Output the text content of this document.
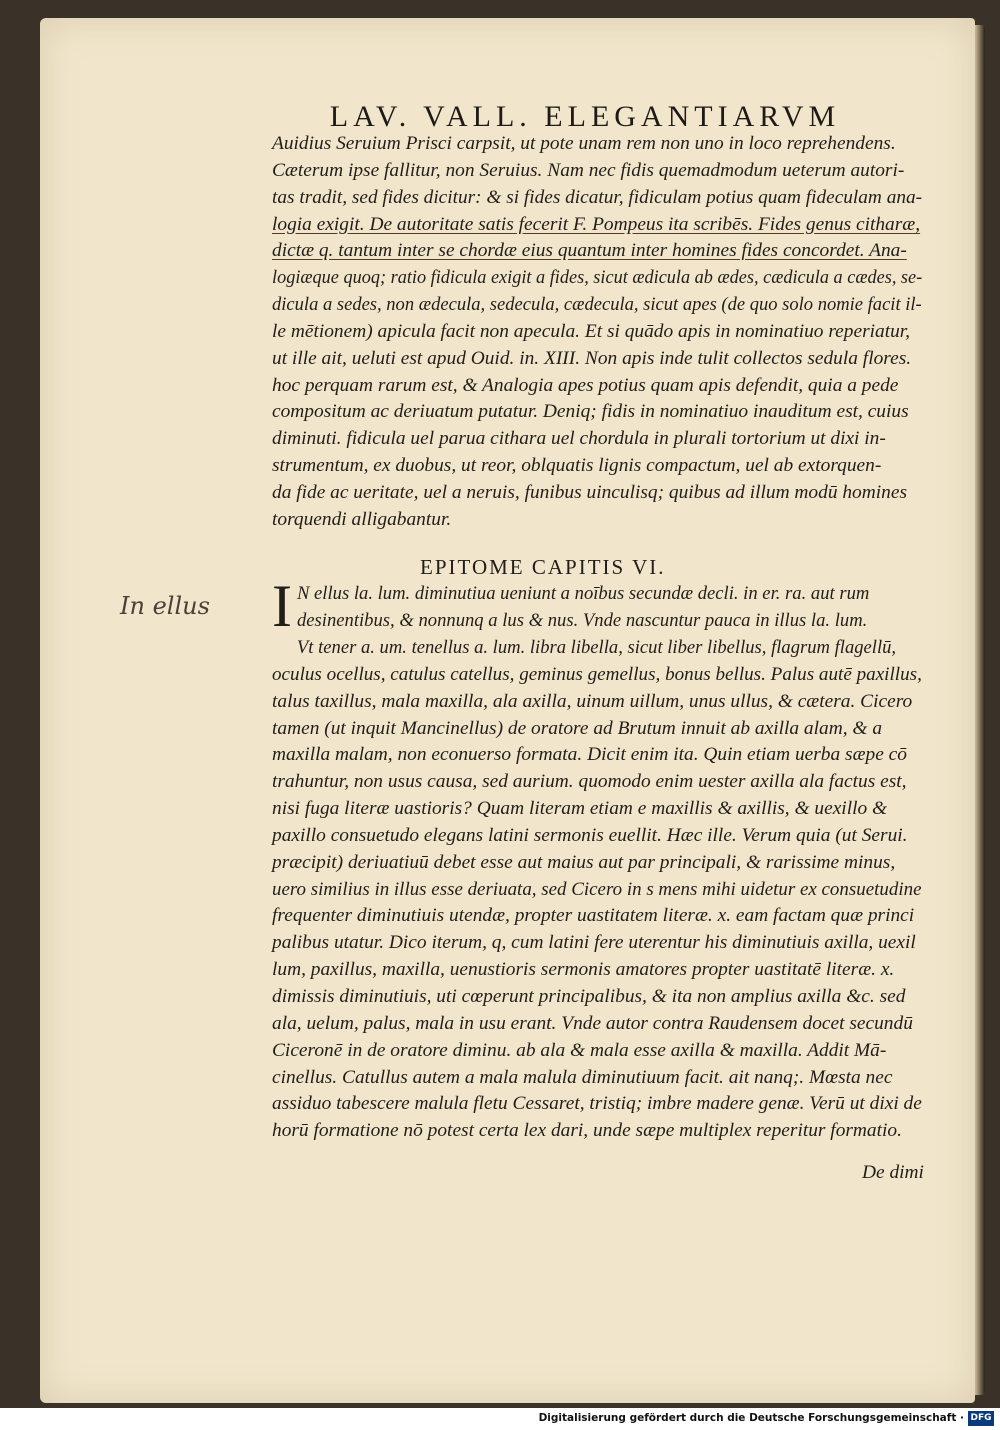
LAV. VALL. ELEGANTIARVM
Auidius Seruium Prisci carpsit, ut pote unam rem non uno in loco reprehendens.
Cæterum ipse fallitur, non Seruius. Nam nec fidis quemadmodum ueterum autori-
tas tradit, sed fides dicitur: & si fides dicatur, fidiculam potius quam fideculam ana-
logia exigit. De autoritate satis fecerit F. Pompeus ita scribēs. Fides genus citharæ,
dictæ q. tantum inter se chordæ eius quantum inter homines fides concordet. Ana-
logiæque quoq; ratio fidicula exigit a fides, sicut ædicula ab ædes, cædicula a cædes, se-
dicula a sedes, non ædecula, sedecula, cædecula, sicut apes (de quo solo nomie facit il-
le mētionem) apicula facit non apecula. Et si quādo apis in nominatiuo reperiatur,
ut ille ait, ueluti est apud Ouid. in. XIII. Non apis inde tulit collectos sedula flores.
hoc perquam rarum est, & Analogia apes potius quam apis defendit, quia a pede
compositum ac deriuatum putatur. Deniq; fidis in nominatiuo inauditum est, cuius
diminuti. fidicula uel parua cithara uel chordula in plurali tortorium ut dixi in-
strumentum, ex duobus, ut reor, oblquatis lignis compactum, uel ab extorquen-
da fide ac ueritate, uel a neruis, funibus uinculisq; quibus ad illum modū homines
torquendi alligabantur.
EPITOME CAPITIS VI.
In ellus I N ellus la. lum. diminutiua ueniunt a noībus secundæ decli. in er. ra. aut rum
desinentibus, & nonnunq a lus & nus. Vnde nascuntur pauca in illus la. lum.
Vt tener a. um. tenellus a. lum. libra libella, sicut liber libellus, flagrum flagellū,
oculus ocellus, catulus catellus, geminus gemellus, bonus bellus. Palus autē paxillus,
talus taxillus, mala maxilla, ala axilla, uinum uillum, unus ullus, & cætera. Cicero
tamen (ut inquit Mancinellus) de oratore ad Brutum innuit ab axilla alam, & a
maxilla malam, non econuerso formata. Dicit enim ita. Quin etiam uerba sæpe cō
trahuntur, non usus causa, sed aurium. quomodo enim uester axilla ala factus est,
nisi fuga literæ uastioris? Quam literam etiam e maxillis & axillis, & uexillo &
paxillo consuetudo elegans latini sermonis euellit. Hæc ille. Verum quia (ut Serui.
præcipit) deriuatiuū debet esse aut maius aut par principali, & rarissime minus,
uero similius in illus esse deriuata, sed Cicero in s mens mihi uidetur ex consuetudine
frequenter diminutiuis utendæ, propter uastitatem literæ. x. eam factam quæ princi
palibus utatur. Dico iterum, q, cum latini fere uterentur his diminutiuis axilla, uexil
lum, paxillus, maxilla, uenustioris sermonis amatores propter uastitatē literæ. x.
dimissis diminutiuis, uti cœperunt principalibus, & ita non amplius axilla &c. sed
ala, uelum, palus, mala in usu erant. Vnde autor contra Raudensem docet secundū
Ciceronē in de oratore diminu. ab ala & mala esse axilla & maxilla. Addit Mā-
cinellus. Catullus autem a mala malula diminutiuum facit. ait nanq;. Mœsta nec
assiduo tabescere malula fletu Cessaret, tristiq; imbre madere genæ. Verū ut dixi de
horū formatione nō potest certa lex dari, unde sæpe multiplex reperitur formatio.
De dimi
Digitalisierung gefördert durch die Deutsche Forschungsgemeinschaft · DFG
